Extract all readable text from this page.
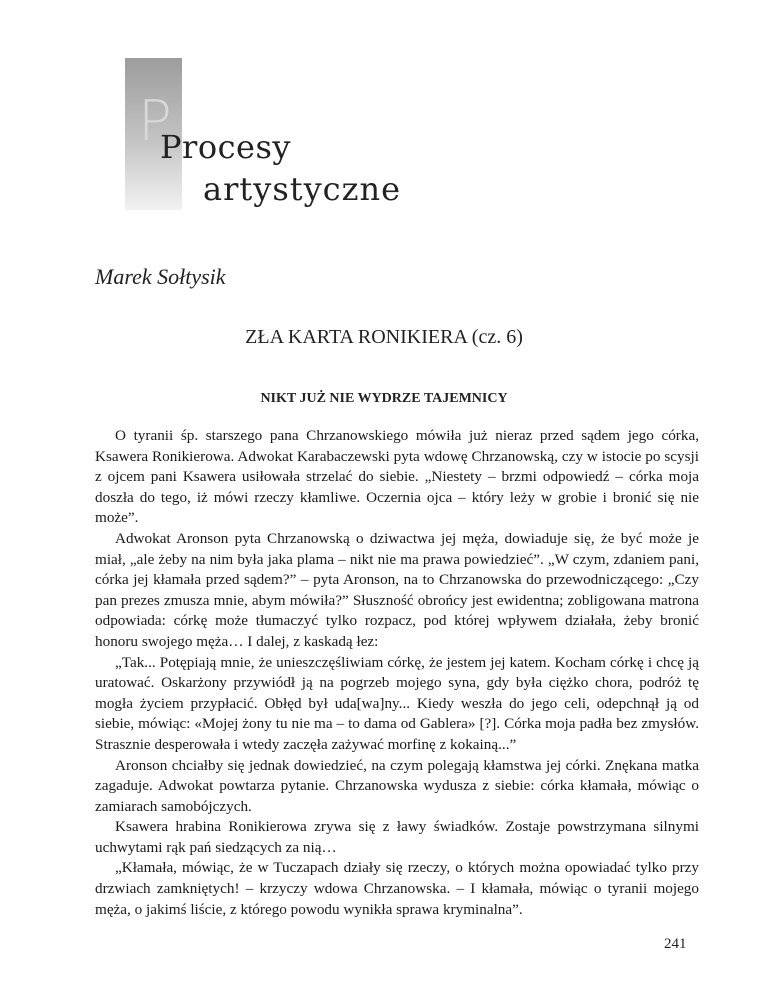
P
Procesy
artystyczne
Marek Sołtysik
ZŁA KARTA RONIKIERA (cz. 6)
NIKT JUŻ NIE WYDRZE TAJEMNICY

O tyranii śp. starszego pana Chrzanowskiego mówiła już nieraz przed sądem jego córka, Ksawera Ronikierowa. Adwokat Karabaczewski pyta wdowę Chrzanowską, czy w istocie po scysji z ojcem pani Ksawera usiłowała strzelać do siebie. „Niestety – brzmi odpowiedź – córka moja doszła do tego, iż mówi rzeczy kłamliwe. Oczernia ojca – który leży w grobie i bronić się nie może”.

Adwokat Aronson pyta Chrzanowską o dziwactwa jej męża, dowiaduje się, że być może je miał, „ale żeby na nim była jaka plama – nikt nie ma prawa powiedzieć”. „W czym, zdaniem pani, córka jej kłamała przed sądem?” – pyta Aronson, na to Chrzanowska do przewodniczącego: „Czy pan prezes zmusza mnie, abym mówiła?” Słuszność obrońcy jest ewidentna; zobligowana matrona odpowiada: córkę może tłumaczyć tylko rozpacz, pod której wpływem działała, żeby bronić honoru swojego męża… I dalej, z kaskadą łez:

„Tak... Potępiają mnie, że unieszczęśliwiam córkę, że jestem jej katem. Kocham córkę i chcę ją uratować. Oskarżony przywiódł ją na pogrzeb mojego syna, gdy była ciężko chora, podróż tę mogła życiem przypłacić. Obłęd był uda[wa]ny... Kiedy weszła do jego celi, odepchnął ją od siebie, mówiąc: «Mojej żony tu nie ma – to dama od Gablera» [?]. Córka moja padła bez zmysłów. Strasznie desperowała i wtedy zaczęła zażywać morfinę z kokainą...”

Aronson chciałby się jednak dowiedzieć, na czym polegają kłamstwa jej córki. Znękana matka zagaduje. Adwokat powtarza pytanie. Chrzanowska wydusza z siebie: córka kłamała, mówiąc o zamiarach samobójczych.

Ksawera hrabina Ronikierowa zrywa się z ławy świadków. Zostaje powstrzymana silnymi uchwytami rąk pań siedzących za nią…

„Kłamała, mówiąc, że w Tuczapach działy się rzeczy, o których można opowiadać tylko przy drzwiach zamkniętych! – krzyczy wdowa Chrzanowska. – I kłamała, mówiąc o tyranii mojego męża, o jakimś liście, z którego powodu wynikła sprawa kryminalna”.

241
